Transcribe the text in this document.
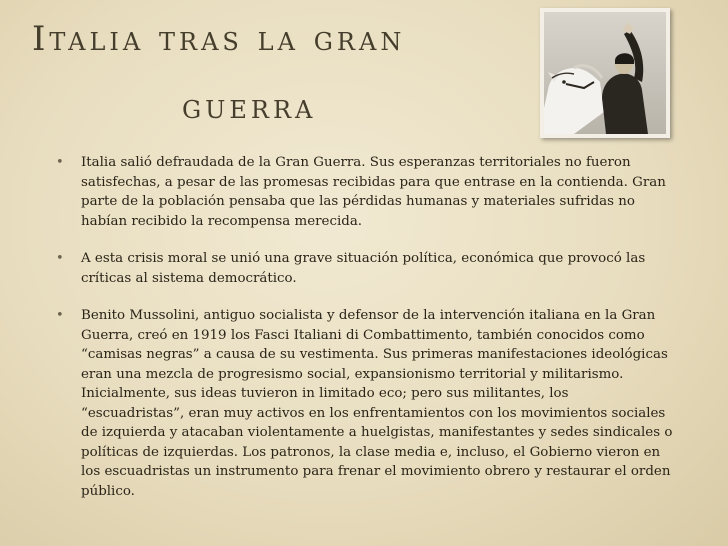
Italia tras la gran
guerra
• Italia salió defraudada de la Gran Guerra. Sus esperanzas territoriales no fueron satisfechas, a pesar de las promesas recibidas para que entrase en la contienda. Gran parte de la población pensaba que las pérdidas humanas y materiales sufridas no habían recibido la recompensa merecida.
• A esta crisis moral se unió una grave situación política, económica que provocó las críticas al sistema democrático.
• Benito Mussolini, antiguo socialista y defensor de la intervención italiana en la Gran Guerra, creó en 1919 los Fasci Italiani di Combattimento, también conocidos como “camisas negras” a causa de su vestimenta. Sus primeras manifestaciones ideológicas eran una mezcla de progresismo social, expansionismo territorial y militarismo. Inicialmente, sus ideas tuvieron in limitado eco; pero sus militantes, los “escuadristas”, eran muy activos en los enfrentamientos con los movimientos sociales de izquierda y atacaban violentamente a huelgistas, manifestantes y sedes sindicales o políticas de izquierdas. Los patronos, la clase media e, incluso, el Gobierno vieron en los escuadristas un instrumento para frenar el movimiento obrero y restaurar el orden público.
